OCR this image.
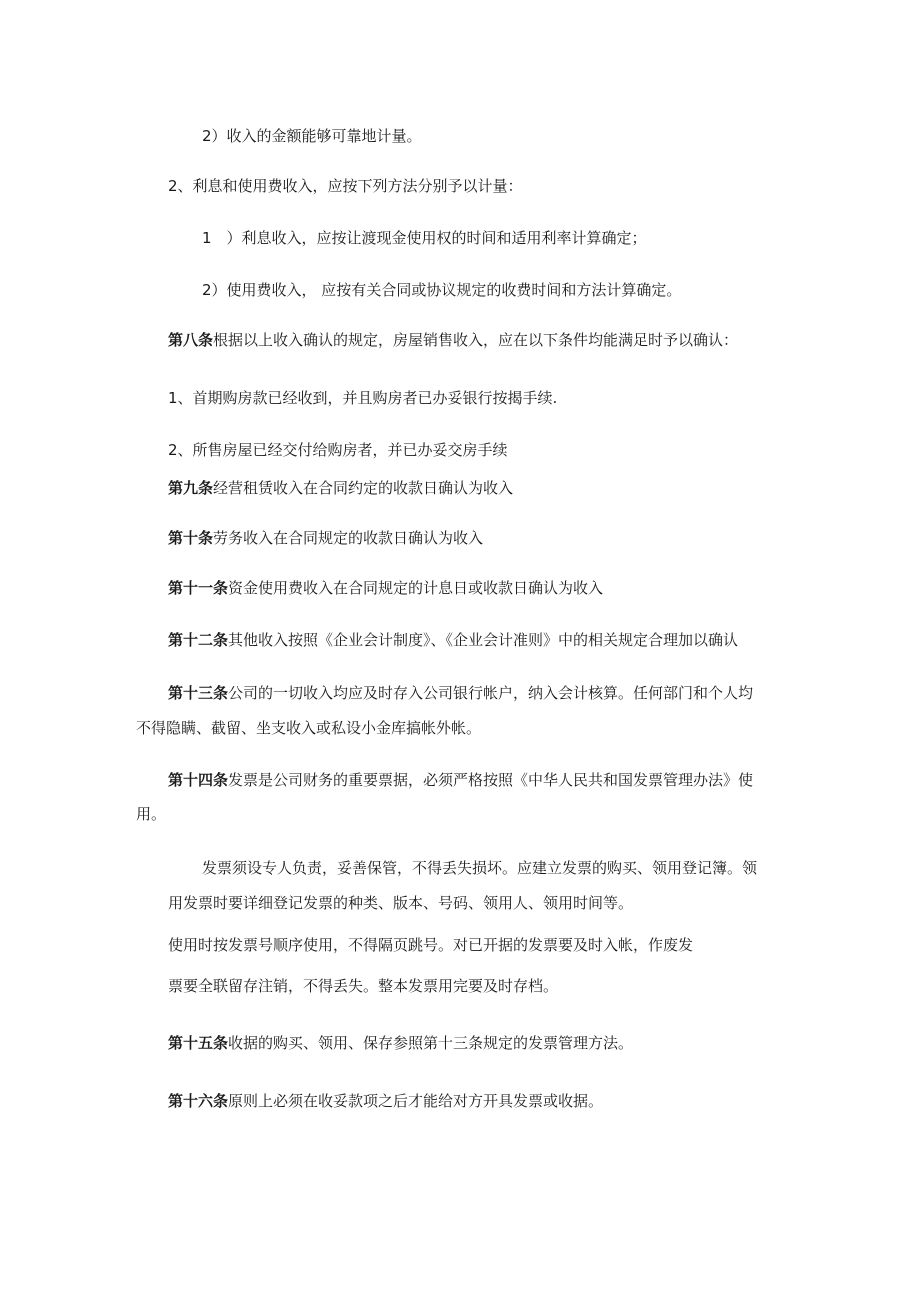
2）收入的金额能够可靠地计量。
2、利息和使用费收入，应按下列方法分别予以计量：
1　）利息收入，应按让渡现金使用权的时间和适用利率计算确定；
2）使用费收入， 应按有关合同或协议规定的收费时间和方法计算确定。
第八条根据以上收入确认的规定，房屋销售收入，应在以下条件均能满足时予以确认：
1、首期购房款已经收到，并且购房者已办妥银行按揭手续.
2、所售房屋已经交付给购房者，并已办妥交房手续
第九条经营租赁收入在合同约定的收款日确认为收入
第十条劳务收入在合同规定的收款日确认为收入
第十一条资金使用费收入在合同规定的计息日或收款日确认为收入
第十二条其他收入按照《企业会计制度》、《企业会计准则》中的相关规定合理加以确认
第十三条公司的一切收入均应及时存入公司银行帐户，纳入会计核算。任何部门和个人均
不得隐瞒、截留、坐支收入或私设小金库搞帐外帐。
第十四条发票是公司财务的重要票据，必须严格按照《中华人民共和国发票管理办法》使
用。
发票须设专人负责，妥善保管，不得丢失损坏。应建立发票的购买、领用登记簿。领
用发票时要详细登记发票的种类、版本、号码、领用人、领用时间等。
使用时按发票号顺序使用，不得隔页跳号。对已开据的发票要及时入帐，作废发
票要全联留存注销，不得丢失。整本发票用完要及时存档。
第十五条收据的购买、领用、保存参照第十三条规定的发票管理方法。
第十六条原则上必须在收妥款项之后才能给对方开具发票或收据。
